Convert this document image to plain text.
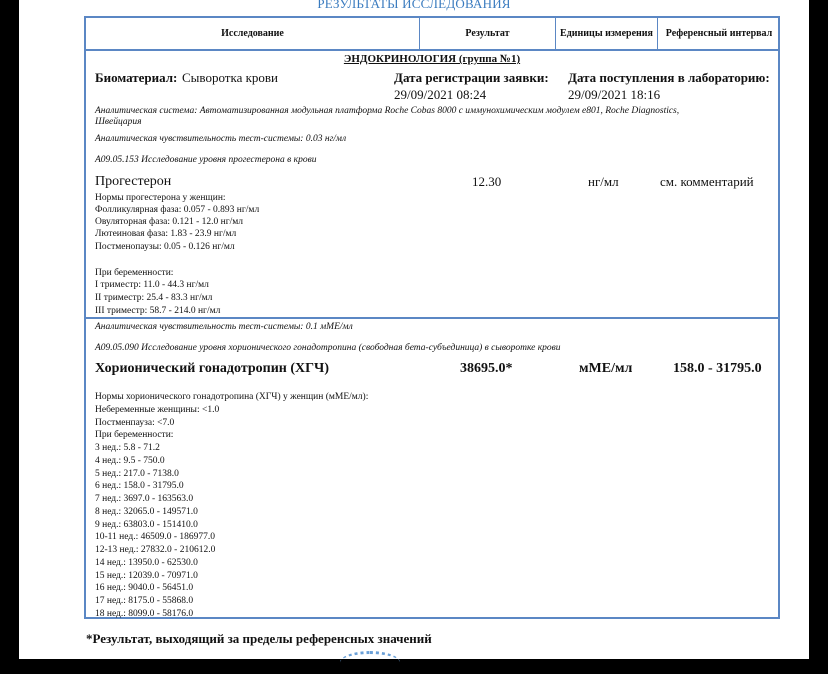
РЕЗУЛЬТАТЫ ИССЛЕДОВАНИЯ
Исследование	Результат	Единицы измерения	Референсный интервал
ЭНДОКРИНОЛОГИЯ (группа №1)
Биоматериал: Сыворотка крови	Дата регистрации заявки:
29/09/2021 08:24
Дата поступления в лабораторию:
29/09/2021 18:16
Аналитическая система: Автоматизированная модульная платформа Roche Cobas 8000 с иммунохимическим модулем е801, Roche Diagnostics,
Швейцария
Аналитическая чувствительность тест-системы: 0.03 нг/мл
A09.05.153 Исследование уровня прогестерона в крови
Прогестерон	12.30	нг/мл	см. комментарий
Нормы прогестерона у женщин:
Фолликулярная фаза: 0.057 - 0.893 нг/мл
Овуляторная фаза: 0.121 - 12.0 нг/мл
Лютеиновая фаза: 1.83 - 23.9 нг/мл
Постменопаузы: 0.05 - 0.126 нг/мл
При беременности:
I триместр: 11.0 - 44.3 нг/мл
II триместр: 25.4 - 83.3 нг/мл
III триместр: 58.7 - 214.0 нг/мл
Аналитическая чувствительность тест-системы: 0.1 мМЕ/мл
A09.05.090 Исследование уровня хорионического гонадотропина (свободная бета-субъединица) в сыворотке крови
Хорионический гонадотропин (ХГЧ)	38695.0*	мМЕ/мл	158.0 - 31795.0
Нормы хорионического гонадотропина (ХГЧ) у женщин (мМЕ/мл):
Небеременные женщины: <1.0
Постменпауза: <7.0
При беременности:
3 нед.: 5.8 - 71.2
4 нед.: 9.5 - 750.0
5 нед.: 217.0 - 7138.0
6 нед.: 158.0 - 31795.0
7 нед.: 3697.0 - 163563.0
8 нед.: 32065.0 - 149571.0
9 нед.: 63803.0 - 151410.0
10-11 нед.: 46509.0 - 186977.0
12-13 нед.: 27832.0 - 210612.0
14 нед.: 13950.0 - 62530.0
15 нед.: 12039.0 - 70971.0
16 нед.: 9040.0 - 56451.0
17 нед.: 8175.0 - 55868.0
18 нед.: 8099.0 - 58176.0
*Результат, выходящий за пределы референсных значений
